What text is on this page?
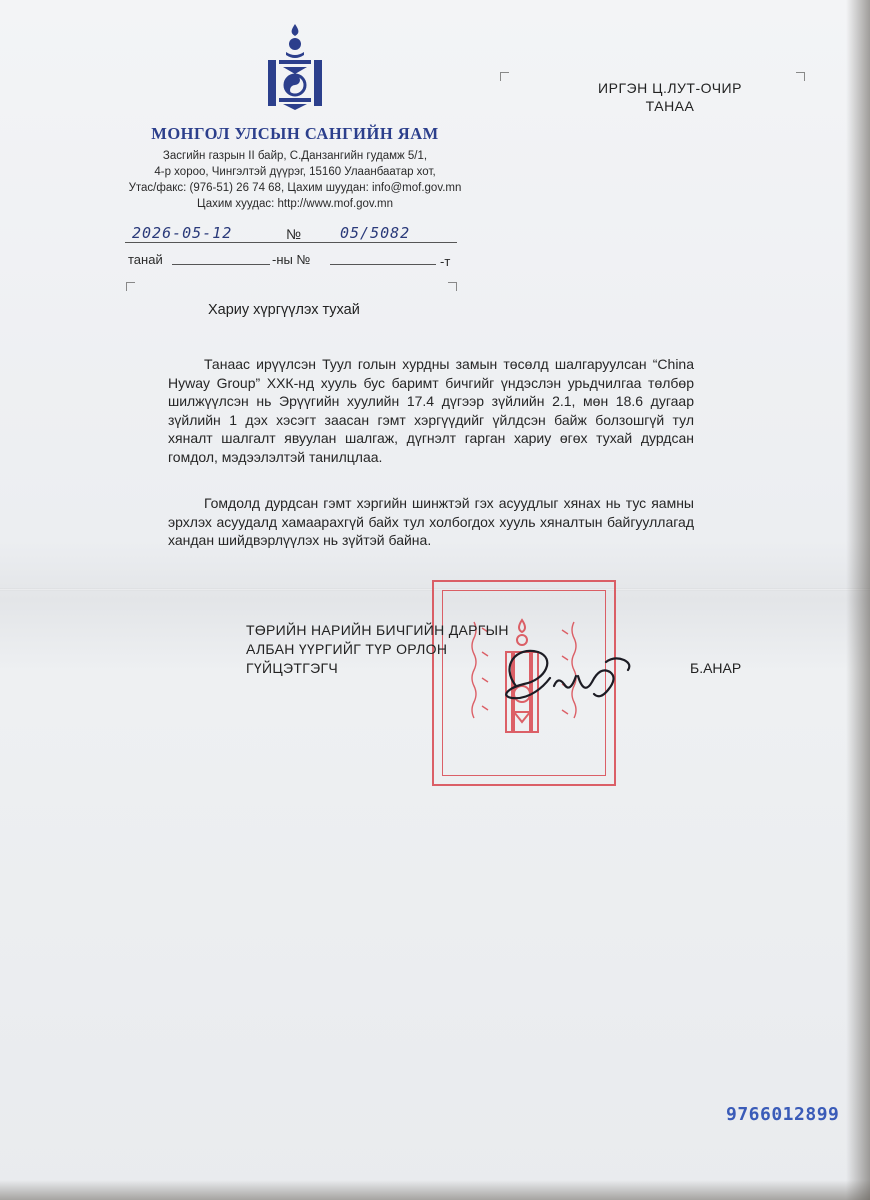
МОНГОЛ УЛСЫН САНГИЙН ЯАМ
Засгийн газрын II байр, С.Данзангийн гудамж 5/1,
4-р хороо, Чингэлтэй дүүрэг, 15160 Улаанбаатар хот,
Утас/факс: (976-51) 26 74 68, Цахим шуудан: info@mof.gov.mn
Цахим хуудас: http://www.mof.gov.mn
ИРГЭН Ц.ЛУТ-ОЧИР
ТАНАА
2026-05-12	№	05/5082
танай	-ны №	-т
Хариу хүргүүлэх тухай
Танаас ирүүлсэн Туул голын хурдны замын төсөлд шалгаруулсан “China Hyway Group” ХХК-нд хууль бус баримт бичгийг үндэслэн урьдчилгаа төлбөр шилжүүлсэн нь Эрүүгийн хуулийн 17.4 дүгээр зүйлийн 2.1, мөн 18.6 дугаар зүйлийн 1 дэх хэсэгт заасан гэмт хэргүүдийг үйлдсэн байж болзошгүй тул хяналт шалгалт явуулан шалгаж, дүгнэлт гарган хариу өгөх тухай дурдсан гомдол, мэдээлэлтэй танилцлаа.
Гомдолд дурдсан гэмт хэргийн шинжтэй гэх асуудлыг хянах нь тус яамны эрхлэх асуудалд хамаарахгүй байх тул холбогдох хууль хяналтын байгууллагад хандан шийдвэрлүүлэх нь зүйтэй байна.
ТӨРИЙН НАРИЙН БИЧГИЙН ДАРГЫН
АЛБАН ҮҮРГИЙГ ТҮР ОРЛОН
ГҮЙЦЭТГЭГЧ	Б.АНАР
9766012899
